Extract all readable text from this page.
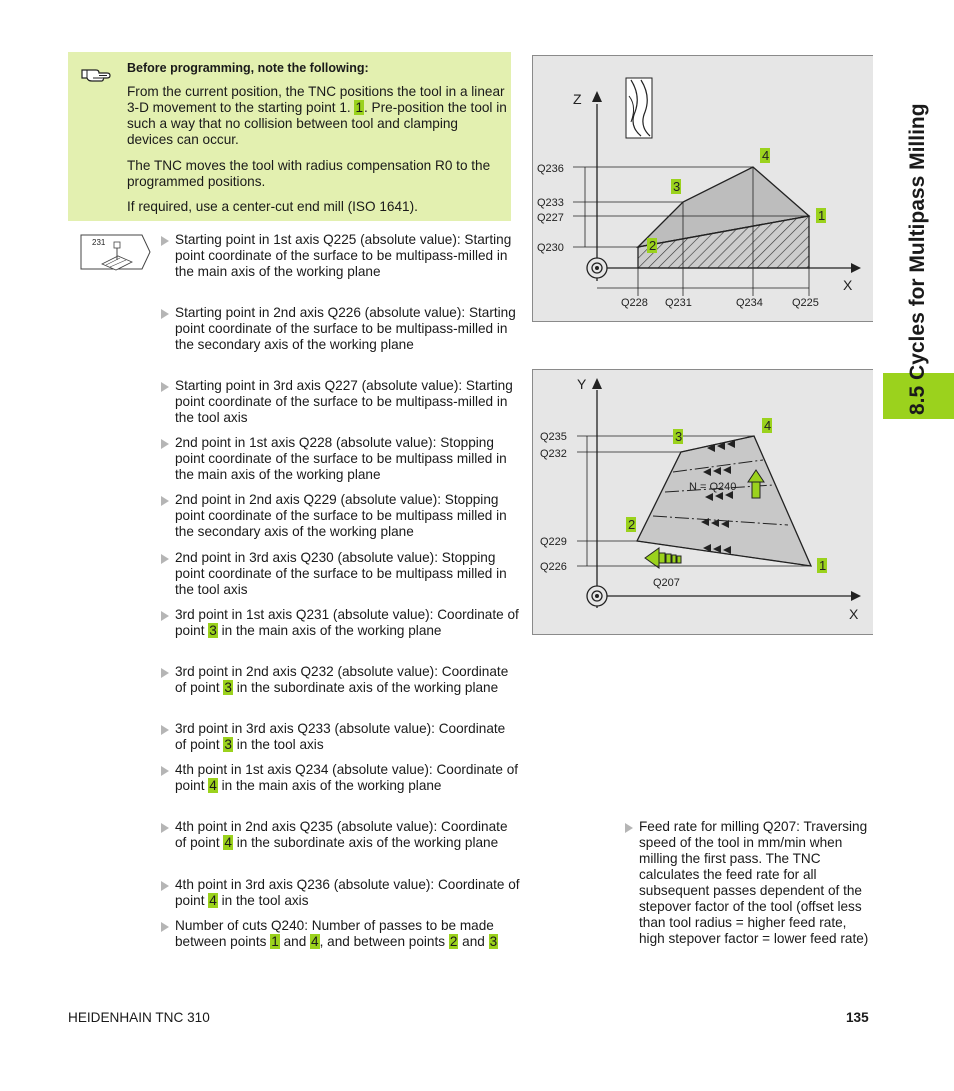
Before programming, note the following:

From the current position, the TNC positions the tool in a linear 3-D movement to the starting point 1. 1. Pre-position the tool in such a way that no collision between tool and clamping devices can occur.

The TNC moves the tool with radius compensation R0 to the programmed positions.

If required, use a center-cut end mill (ISO 1641).

231	Starting point in 1st axis Q225 (absolute value): Starting point coordinate of the surface to be multipass-milled in the main axis of the working plane
Starting point in 2nd axis Q226 (absolute value): Starting point coordinate of the surface to be multipass-milled in the secondary axis of the working plane
Starting point in 3rd axis Q227 (absolute value): Starting point coordinate of the surface to be multipass-milled in the tool axis
2nd point in 1st axis Q228 (absolute value): Stopping point coordinate of the surface to be multipass milled in the main axis of the working plane
2nd point in 2nd axis Q229 (absolute value): Stopping point coordinate of the surface to be multipass milled in the secondary axis of the working plane
2nd point in 3rd axis Q230 (absolute value): Stopping point coordinate of the surface to be multipass milled in the tool axis
3rd point in 1st axis Q231 (absolute value): Coordinate of point 3 in the main axis of the working plane
3rd point in 2nd axis Q232 (absolute value): Coordinate of point 3 in the subordinate axis of the working plane
3rd point in 3rd axis Q233 (absolute value): Coordinate of point 3 in the tool axis
4th point in 1st axis Q234 (absolute value): Coordinate of point 4 in the main axis of the working plane
4th point in 2nd axis Q235 (absolute value): Coordinate of point 4 in the subordinate axis of the working plane
4th point in 3rd axis Q236 (absolute value): Coordinate of point 4 in the tool axis
Number of cuts Q240: Number of passes to be made between points 1 and 4, and between points 2 and 3
Z
X
Q236
Q233
Q227
Q230
Q228 Q231	Q234	Q225
1
2
3
4
Y
X
Q235
Q232
Q229
Q226
N = Q240
Q207
1
2
3
4
Feed rate for milling Q207: Traversing speed of the tool in mm/min when milling the first pass. The TNC calculates the feed rate for all subsequent passes dependent of the stepover factor of the tool (offset less than tool radius = higher feed rate, high stepover factor = lower feed rate)
8.5 Cycles for Multipass Milling
HEIDENHAIN TNC 310	135
